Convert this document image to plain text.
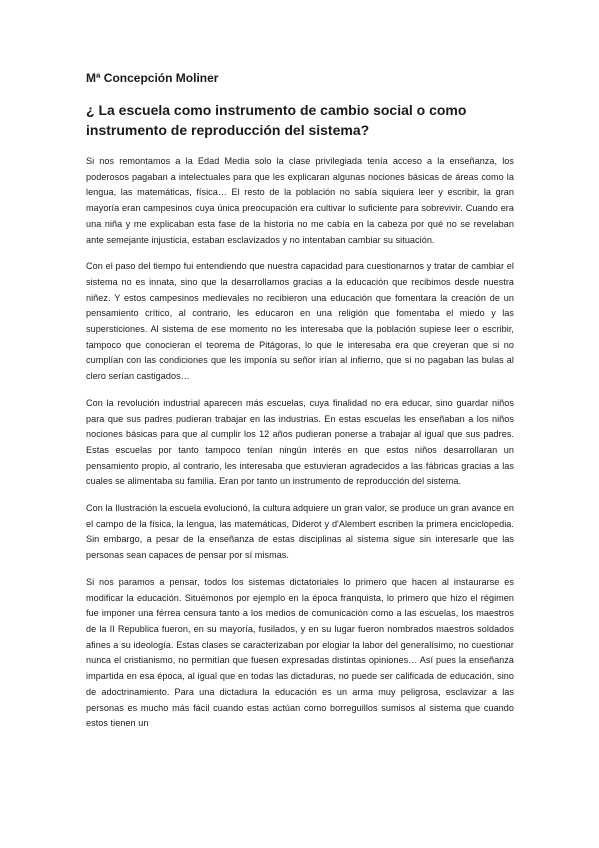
Mª Concepción Moliner
¿ La escuela como instrumento de cambio social o como instrumento de reproducción del sistema?

Si nos remontamos a la Edad Media solo la clase privilegiada tenía acceso a la enseñanza, los poderosos pagaban a intelectuales para que les explicaran algunas nociones básicas de áreas como la lengua, las matemáticas, física… El resto de la población no sabía siquiera leer y escribir, la gran mayoría eran campesinos cuya única preocupación era cultivar lo suficiente para sobrevivir. Cuando era una niña y me explicaban esta fase de la historia no me cabía en la cabeza por qué no se revelaban ante semejante injusticia, estaban esclavizados y no intentaban cambiar su situación.

Con el paso del tiempo fui entendiendo que nuestra capacidad para cuestionarnos y tratar de cambiar el sistema no es innata, sino que la desarrollamos gracias a la educación que recibimos desde nuestra niñez. Y estos campesinos medievales no recibieron una educación que fomentara la creación de un pensamiento crítico, al contrario, les educaron en una religión que fomentaba el miedo y las supersticiones. Al sistema de ese momento no les interesaba que la población supiese leer o escribir, tampoco que conocieran el teorema de Pitágoras, lo que le interesaba era que creyeran que si no cumplían con las condiciones que les imponía su señor irían al infierno, que si no pagaban las bulas al clero serían castigados…

Con la revolución industrial aparecen más escuelas, cuya finalidad no era educar, sino guardar niños para que sus padres pudieran trabajar en las industrias. En estas escuelas les enseñaban a los niños nociones básicas para que al cumplir los 12 años pudieran ponerse a trabajar al igual que sus padres. Estas escuelas por tanto tampoco tenían ningún interés en que estos niños desarrollaran un pensamiento propio, al contrario, les interesaba que estuvieran agradecidos a las fábricas gracias a las cuales se alimentaba su familia. Eran por tanto un instrumento de reproducción del sistema.

Con la Ilustración la escuela evolucionó, la cultura adquiere un gran valor, se produce un gran avance en el campo de la física, la lengua, las matemáticas, Diderot y d'Alembert escriben la primera enciclopedia. Sin embargo, a pesar de la enseñanza de estas disciplinas al sistema sigue sin interesarle que las personas sean capaces de pensar por sí mismas.

Si nos paramos a pensar, todos los sistemas dictatoriales lo primero que hacen al instaurarse es modificar la educación. Situémonos por ejemplo en la época franquista, lo primero que hizo el régimen fue imponer una férrea censura tanto a los medios de comunicación como a las escuelas, los maestros de la II Republica fueron, en su mayoría, fusilados, y en su lugar fueron nombrados maestros soldados afines a su ideología. Estas clases se caracterizaban por elogiar la labor del generalísimo, no cuestionar nunca el cristianismo, no permitían que fuesen expresadas distintas opiniones… Así pues la enseñanza impartida en esa época, al igual que en todas las dictaduras, no puede ser calificada de educación, sino de adoctrinamiento. Para una dictadura la educación es un arma muy peligrosa, esclavizar a las personas es mucho más fácil cuando estas actúan como borreguillos sumisos al sistema que cuando estos tienen un
